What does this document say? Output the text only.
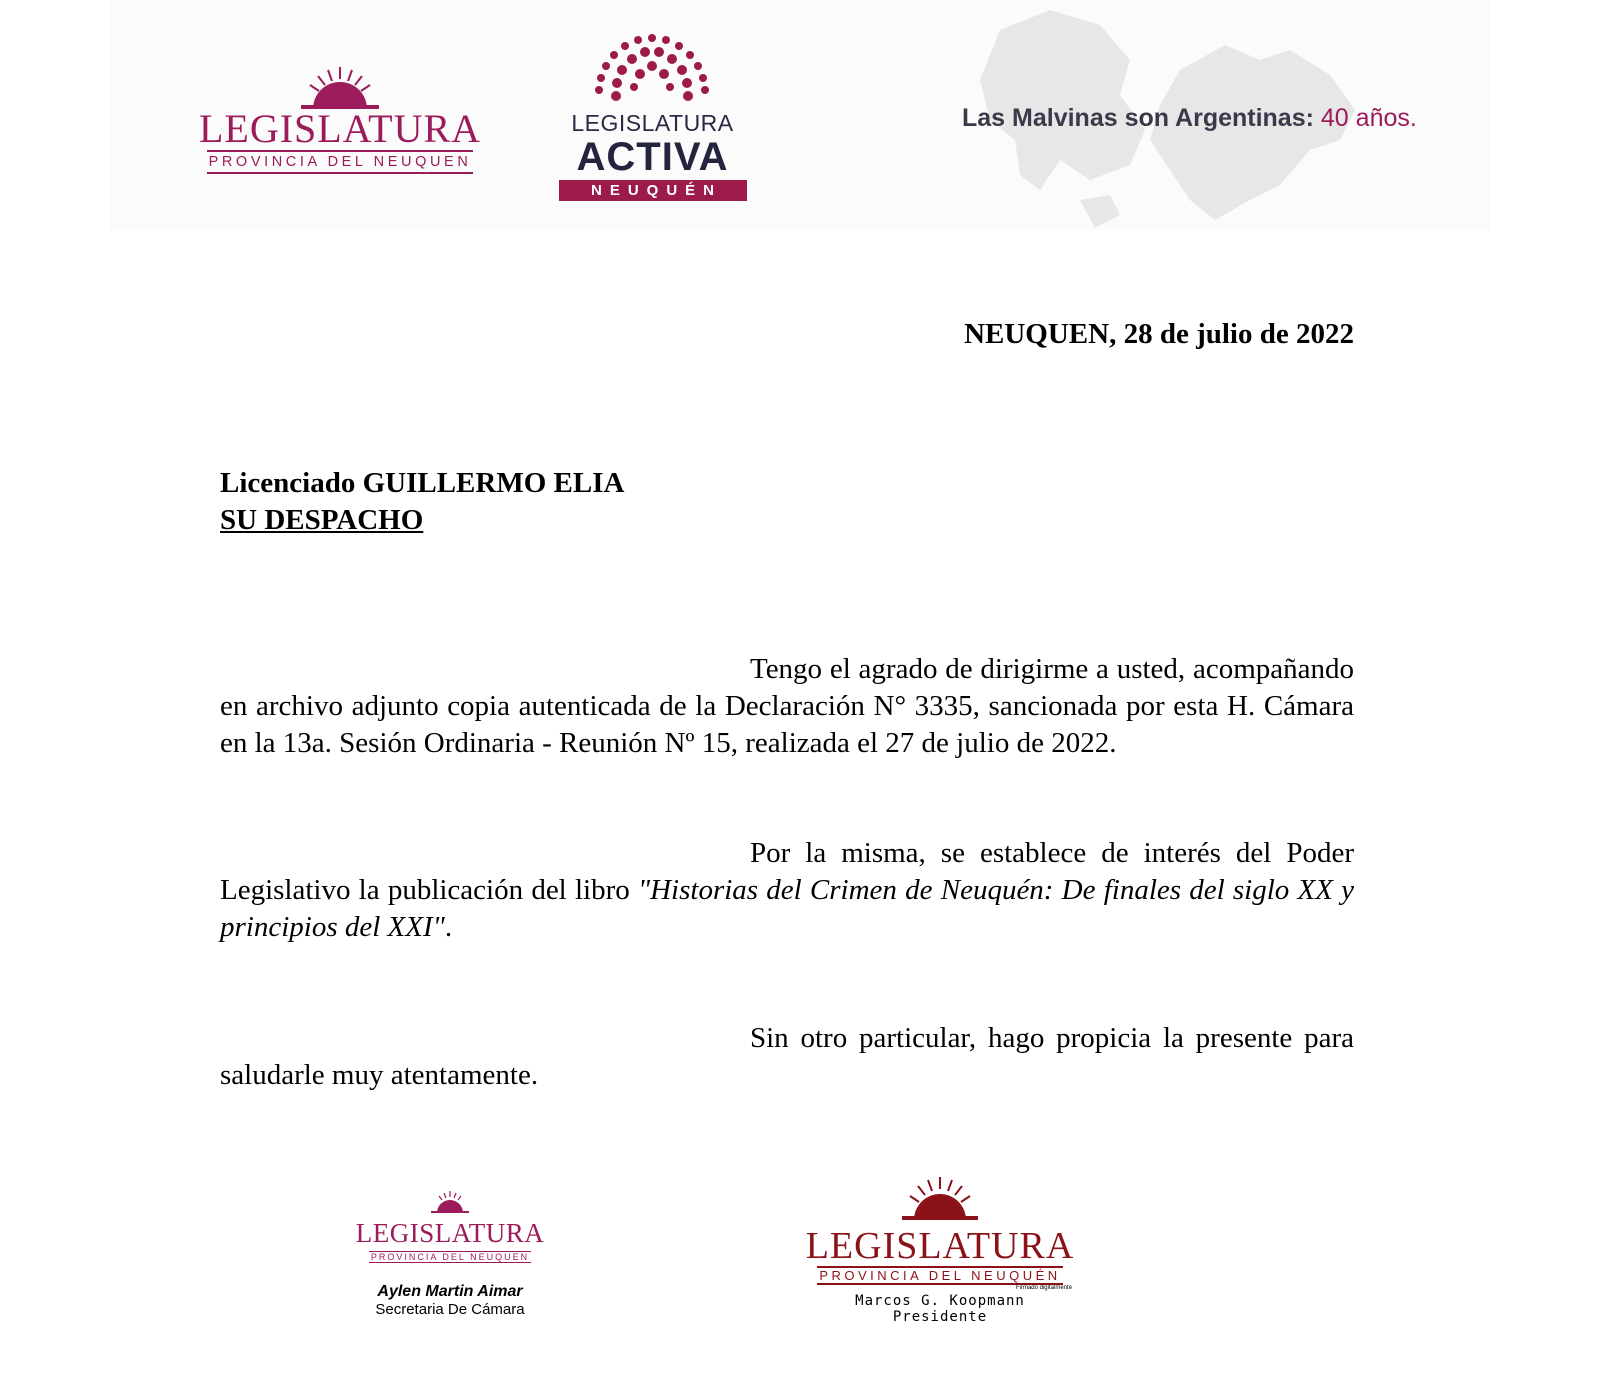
LEGISLATURA
PROVINCIA DEL NEUQUEN
LEGISLATURA
ACTIVA
NEUQUÉN
Las Malvinas son Argentinas: 40 años.
NEUQUEN, 28 de julio de 2022
Licenciado GUILLERMO ELIA
SU DESPACHO
Tengo el agrado de dirigirme a usted, acompañando en archivo adjunto copia autenticada de la Declaración N° 3335, sancionada por esta H. Cámara en la 13a. Sesión Ordinaria - Reunión Nº 15, realizada el 27 de julio de 2022.
Por la misma, se establece de interés del Poder Legislativo la publicación del libro "Historias del Crimen de Neuquén: De finales del siglo XX y principios del XXI".
Sin otro particular, hago propicia la presente para saludarle muy atentamente.
LEGISLATURA
PROVINCIA DEL NEUQUEN
Aylen Martin Aimar
Secretaria De Cámara
LEGISLATURA
PROVINCIA DEL NEUQUÉN
Firmado digitalmente
Marcos G. Koopmann
Presidente
